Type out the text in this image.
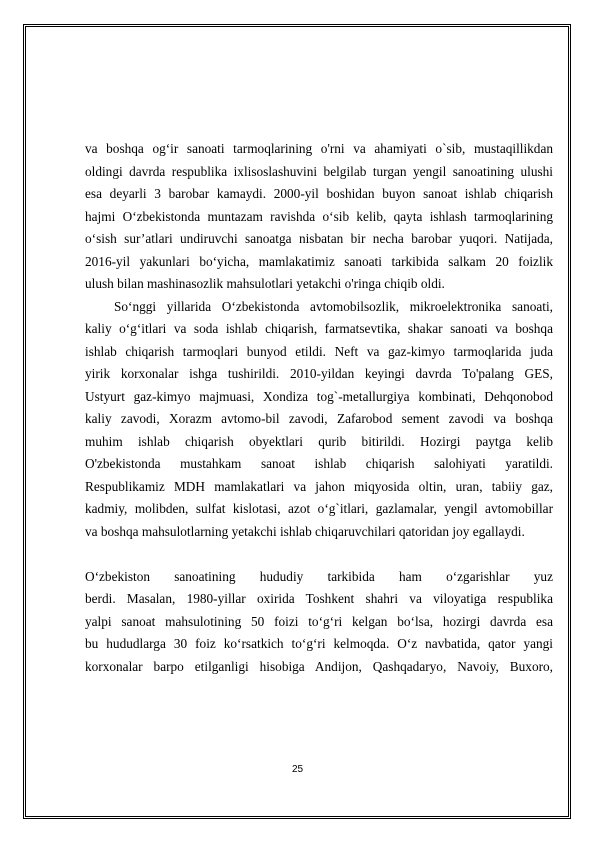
va boshqa og‘ir sanoati tarmoqlarining o'rni va ahamiyati o`sib, mustaqillikdan
oldingi davrda respublika ixlisoslashuvini belgilab turgan yengil sanoatining ulushi
esa deyarli 3 barobar kamaydi. 2000-yil boshidan buyon sanoat ishlab chiqarish
hajmi O‘zbekistonda muntazam ravishda o‘sib kelib, qayta ishlash tarmoqlarining
o‘sish sur’atlari undiruvchi sanoatga nisbatan bir necha barobar yuqori. Natijada,
2016-yil yakunlari bo‘yicha, mamlakatimiz sanoati tarkibida salkam 20 foizlik
ulush bilan mashinasozlik mahsulotlari yetakchi o'ringa chiqib oldi.
So‘nggi yillarida O‘zbekistonda avtomobilsozlik, mikroelektronika sanoati,
kaliy o‘g‘itlari va soda ishlab chiqarish, farmatsevtika, shakar sanoati va boshqa
ishlab chiqarish tarmoqlari bunyod etildi. Neft va gaz-kimyo tarmoqlarida juda
yirik korxonalar ishga tushirildi. 2010-yildan keyingi davrda To'palang GES,
Ustyurt gaz-kimyo majmuasi, Xondiza tog`-metallurgiya kombinati, Dehqonobod
kaliy zavodi, Xorazm avtomo-bil zavodi, Zafarobod sement zavodi va boshqa
muhim ishlab chiqarish obyektlari qurib bitirildi. Hozirgi paytga kelib
O'zbekistonda mustahkam sanoat ishlab chiqarish salohiyati yaratildi.
Respublikamiz MDH mamlakatlari va jahon miqyosida oltin, uran, tabiiy gaz,
kadmiy, molibden, sulfat kislotasi, azot o‘g`itlari, gazlamalar, yengil avtomobillar
va boshqa mahsulotlarning yetakchi ishlab chiqaruvchilari qatoridan joy egallaydi.
O‘zbekiston sanoatining hududiy tarkibida ham o‘zgarishlar yuz
berdi. Masalan, 1980-yillar oxirida Toshkent shahri va viloyatiga respublika
yalpi sanoat mahsulotining 50 foizi to‘g‘ri kelgan bo‘lsa, hozirgi davrda esa
bu hududlarga 30 foiz ko‘rsatkich to‘g‘ri kelmoqda. O‘z navbatida, qator yangi
korxonalar barpo etilganligi hisobiga Andijon, Qashqadaryo, Navoiy, Buxoro,
25
